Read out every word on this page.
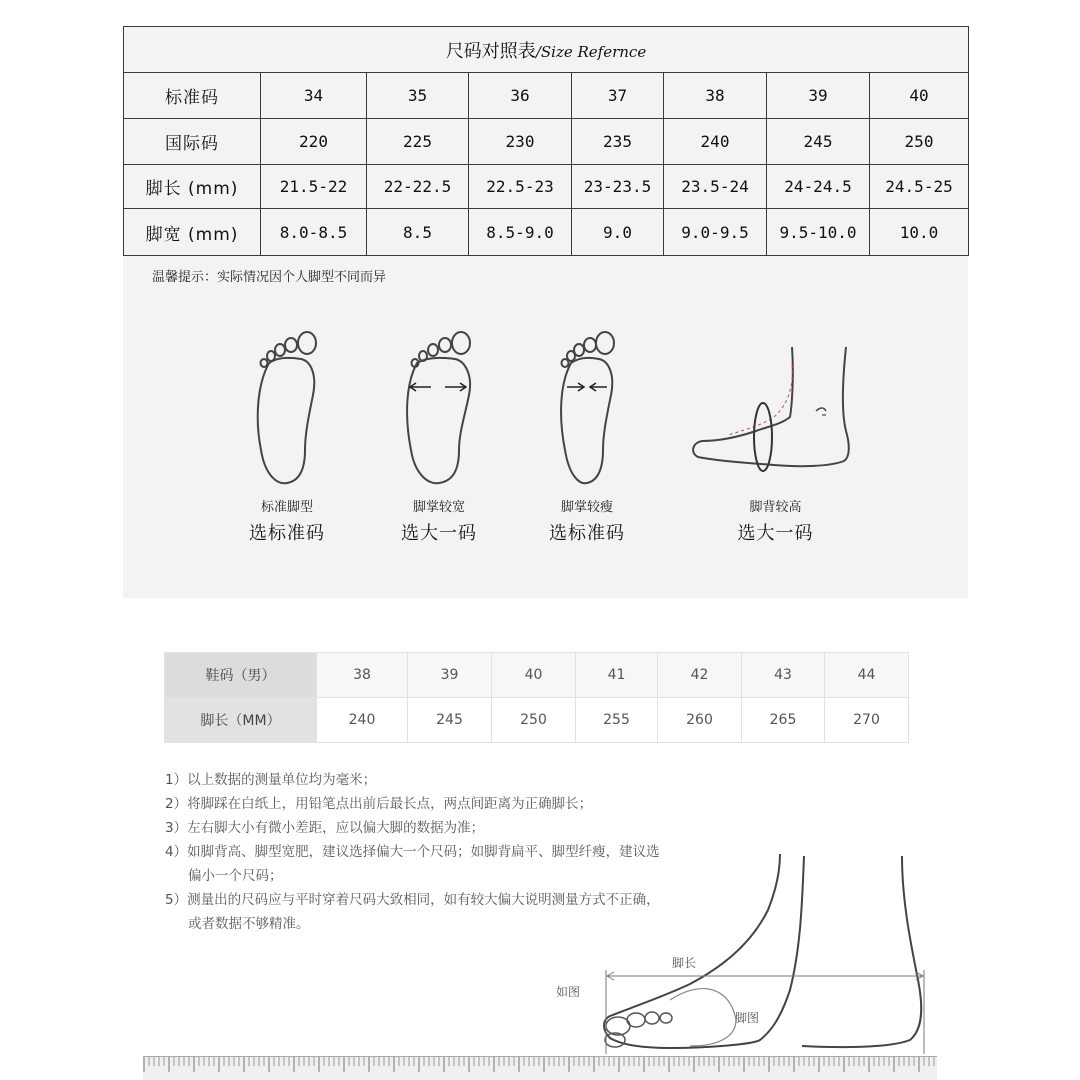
尺码对照表/Size Refernce							
标准码	34	35	36	37	38	39	40
国际码	220	225	230	235	240	245	250
脚长 (mm)	21.5-22	22-22.5	22.5-23	23-23.5	23.5-24	24-24.5	24.5-25
脚宽 (mm)	8.0-8.5	8.5	8.5-9.0	9.0	9.0-9.5	9.5-10.0	10.0
温馨提示：实际情况因个人脚型不同而异
标准脚型
选标准码
脚掌较宽
选大一码
脚掌较瘦
选标准码
脚背较高
选大一码
鞋码（男）	38	39	40	41	42	43	44
脚长（MM）	240	245	250	255	260	265	270
1）以上数据的测量单位均为毫米；
2）将脚踩在白纸上，用铅笔点出前后最长点，两点间距离为正确脚长；
3）左右脚大小有微小差距，应以偏大脚的数据为准；
4）如脚背高、脚型宽肥，建议选择偏大一个尺码；如脚背扁平、脚型纤瘦，建议选
偏小一个尺码；
5）测量出的尺码应与平时穿着尺码大致相同，如有较大偏大说明测量方式不正确，
或者数据不够精准。
脚长
如图
脚图
